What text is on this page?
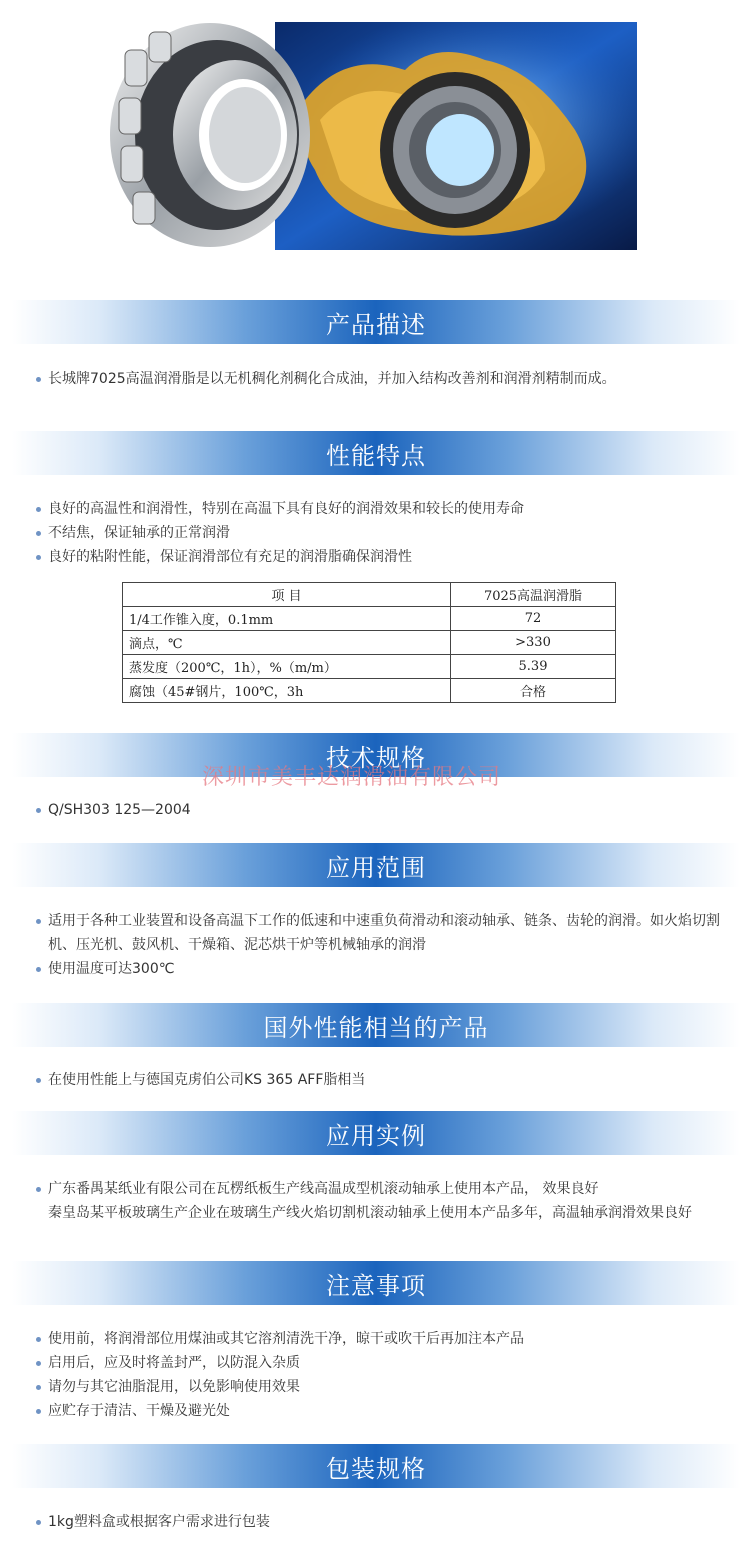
产品描述
长城牌7025高温润滑脂是以无机稠化剂稠化合成油，并加入结构改善剂和润滑剂精制而成。
性能特点
良好的高温性和润滑性，特别在高温下具有良好的润滑效果和较长的使用寿命
不结焦，保证轴承的正常润滑
良好的粘附性能，保证润滑部位有充足的润滑脂确保润滑性
项 目	7025高温润滑脂
1/4工作锥入度，0.1mm	72
滴点，℃	>330
蒸发度（200℃，1h），%（m/m）	5.39
腐蚀（45#钢片，100℃，3h	合格
技术规格
深圳市美丰达润滑油有限公司
Q/SH303 125—2004
应用范围
适用于各种工业装置和设备高温下工作的低速和中速重负荷滑动和滚动轴承、链条、齿轮的润滑。如火焰切割机、压光机、鼓风机、干燥箱、泥芯烘干炉等机械轴承的润滑
使用温度可达300℃
国外性能相当的产品
在使用性能上与德国克虏伯公司KS 365 AFF脂相当
应用实例
广东番禺某纸业有限公司在瓦楞纸板生产线高温成型机滚动轴承上使用本产品， 效果良好
秦皇岛某平板玻璃生产企业在玻璃生产线火焰切割机滚动轴承上使用本产品多年，高温轴承润滑效果良好
注意事项
使用前，将润滑部位用煤油或其它溶剂清洗干净，晾干或吹干后再加注本产品
启用后，应及时将盖封严，以防混入杂质
请勿与其它油脂混用，以免影响使用效果
应贮存于清洁、干燥及避光处
包装规格
1kg塑料盒或根据客户需求进行包装
